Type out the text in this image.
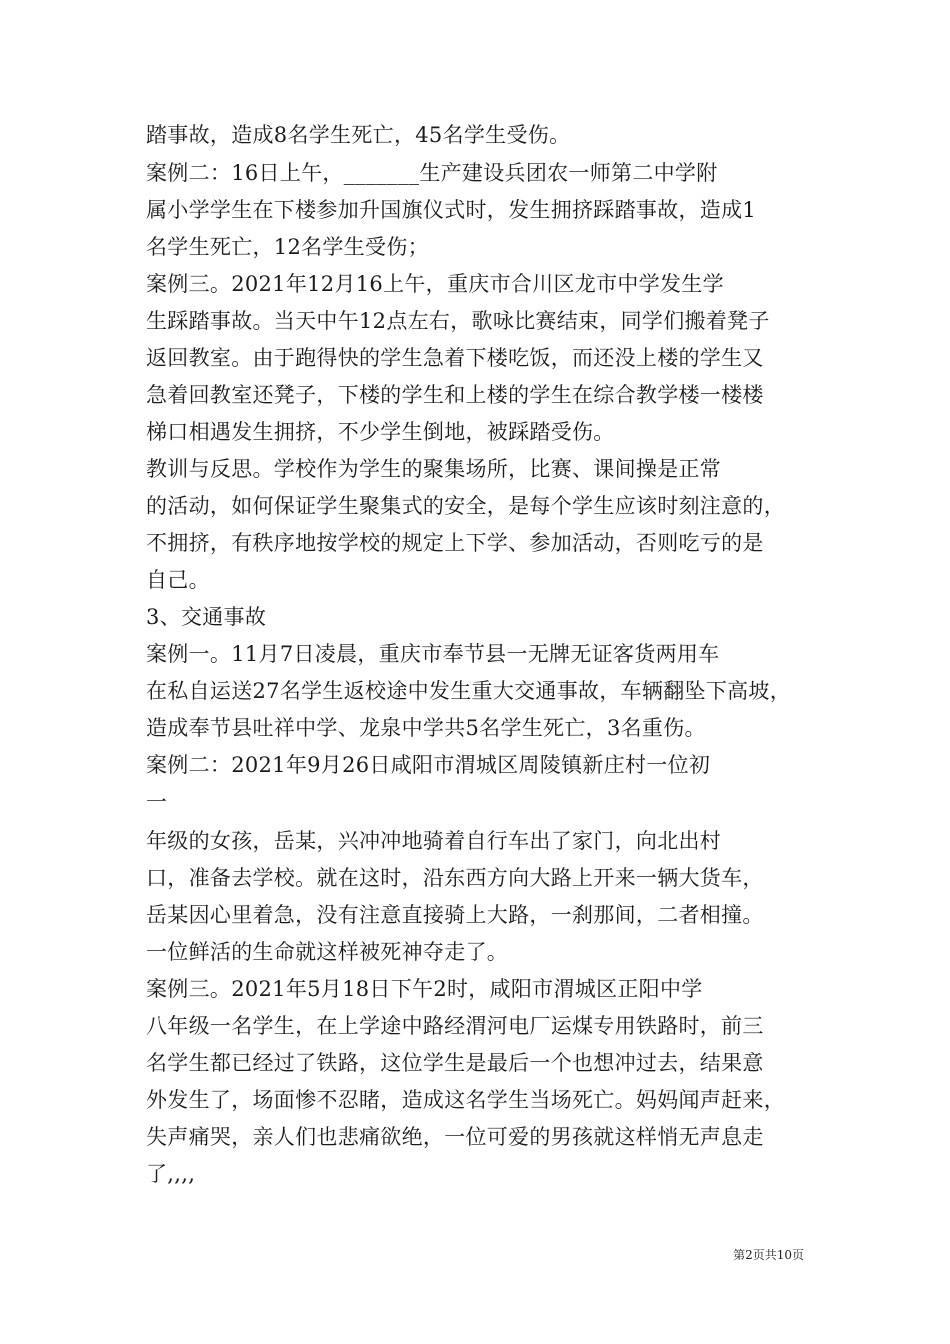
踏事故，造成8名学生死亡，45名学生受伤。
案例二：16日上午，_______生产建设兵团农一师第二中学附
属小学学生在下楼参加升国旗仪式时，发生拥挤踩踏事故，造成1
名学生死亡，12名学生受伤；
案例三。2021年12月16上午，重庆市合川区龙市中学发生学
生踩踏事故。当天中午12点左右，歌咏比赛结束，同学们搬着凳子
返回教室。由于跑得快的学生急着下楼吃饭，而还没上楼的学生又
急着回教室还凳子，下楼的学生和上楼的学生在综合教学楼一楼楼
梯口相遇发生拥挤，不少学生倒地，被踩踏受伤。
教训与反思。学校作为学生的聚集场所，比赛、课间操是正常
的活动，如何保证学生聚集式的安全，是每个学生应该时刻注意的，
不拥挤，有秩序地按学校的规定上下学、参加活动，否则吃亏的是
自己。
3、交通事故
案例一。11月7日凌晨，重庆市奉节县一无牌无证客货两用车
在私自运送27名学生返校途中发生重大交通事故，车辆翻坠下高坡，
造成奉节县吐祥中学、龙泉中学共5名学生死亡，3名重伤。
案例二：2021年9月26日咸阳市渭城区周陵镇新庄村一位初
一
年级的女孩，岳某，兴冲冲地骑着自行车出了家门，向北出村
口，准备去学校。就在这时，沿东西方向大路上开来一辆大货车，
岳某因心里着急，没有注意直接骑上大路，一刹那间，二者相撞。
一位鲜活的生命就这样被死神夺走了。
案例三。2021年5月18日下午2时，咸阳市渭城区正阳中学
八年级一名学生，在上学途中路经渭河电厂运煤专用铁路时，前三
名学生都已经过了铁路，这位学生是最后一个也想冲过去，结果意
外发生了，场面惨不忍睹，造成这名学生当场死亡。妈妈闻声赶来，
失声痛哭，亲人们也悲痛欲绝，一位可爱的男孩就这样悄无声息走
了,,,,
第2页共10页
